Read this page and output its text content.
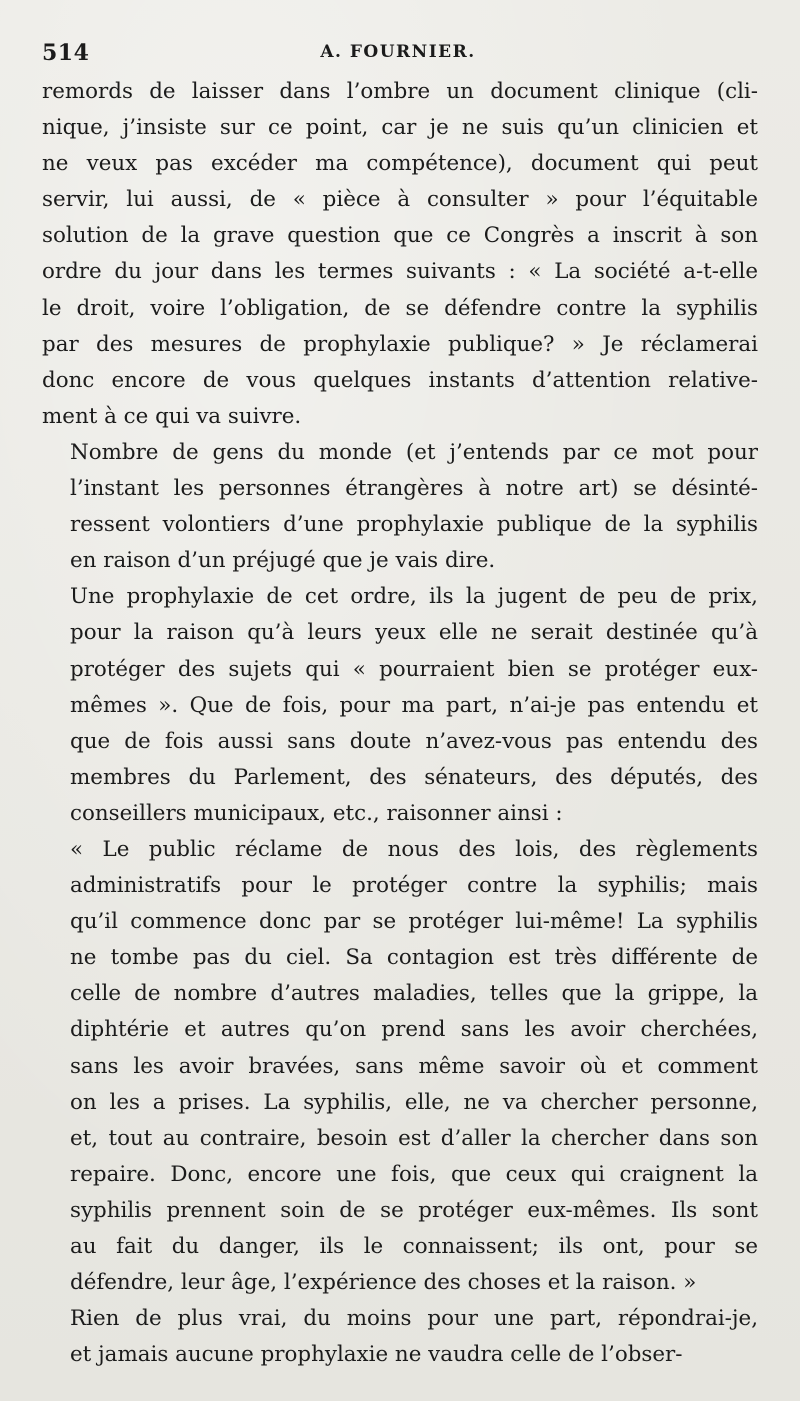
514	A. FOURNIER.

remords de laisser dans l’ombre un document clinique (cli-
nique, j’insiste sur ce point, car je ne suis qu’un clinicien et
ne veux pas excéder ma compétence), document qui peut
servir, lui aussi, de « pièce à consulter » pour l’équitable
solution de la grave question que ce Congrès a inscrit à son
ordre du jour dans les termes suivants : « La société a-t-elle
le droit, voire l’obligation, de se défendre contre la syphilis
par des mesures de prophylaxie publique? » Je réclamerai
donc encore de vous quelques instants d’attention relative-
ment à ce qui va suivre.

Nombre de gens du monde (et j’entends par ce mot pour
l’instant les personnes étrangères à notre art) se désinté-
ressent volontiers d’une prophylaxie publique de la syphilis
en raison d’un préjugé que je vais dire.

Une prophylaxie de cet ordre, ils la jugent de peu de prix,
pour la raison qu’à leurs yeux elle ne serait destinée qu’à
protéger des sujets qui « pourraient bien se protéger eux-
mêmes ». Que de fois, pour ma part, n’ai-je pas entendu et
que de fois aussi sans doute n’avez-vous pas entendu des
membres du Parlement, des sénateurs, des députés, des
conseillers municipaux, etc., raisonner ainsi :

« Le public réclame de nous des lois, des règlements
administratifs pour le protéger contre la syphilis; mais
qu’il commence donc par se protéger lui-même! La syphilis
ne tombe pas du ciel. Sa contagion est très différente de
celle de nombre d’autres maladies, telles que la grippe, la
diphtérie et autres qu’on prend sans les avoir cherchées,
sans les avoir bravées, sans même savoir où et comment
on les a prises. La syphilis, elle, ne va chercher personne,
et, tout au contraire, besoin est d’aller la chercher dans son
repaire. Donc, encore une fois, que ceux qui craignent la
syphilis prennent soin de se protéger eux-mêmes. Ils sont
au fait du danger, ils le connaissent; ils ont, pour se
défendre, leur âge, l’expérience des choses et la raison. »

Rien de plus vrai, du moins pour une part, répondrai-je,
et jamais aucune prophylaxie ne vaudra celle de l’obser-
